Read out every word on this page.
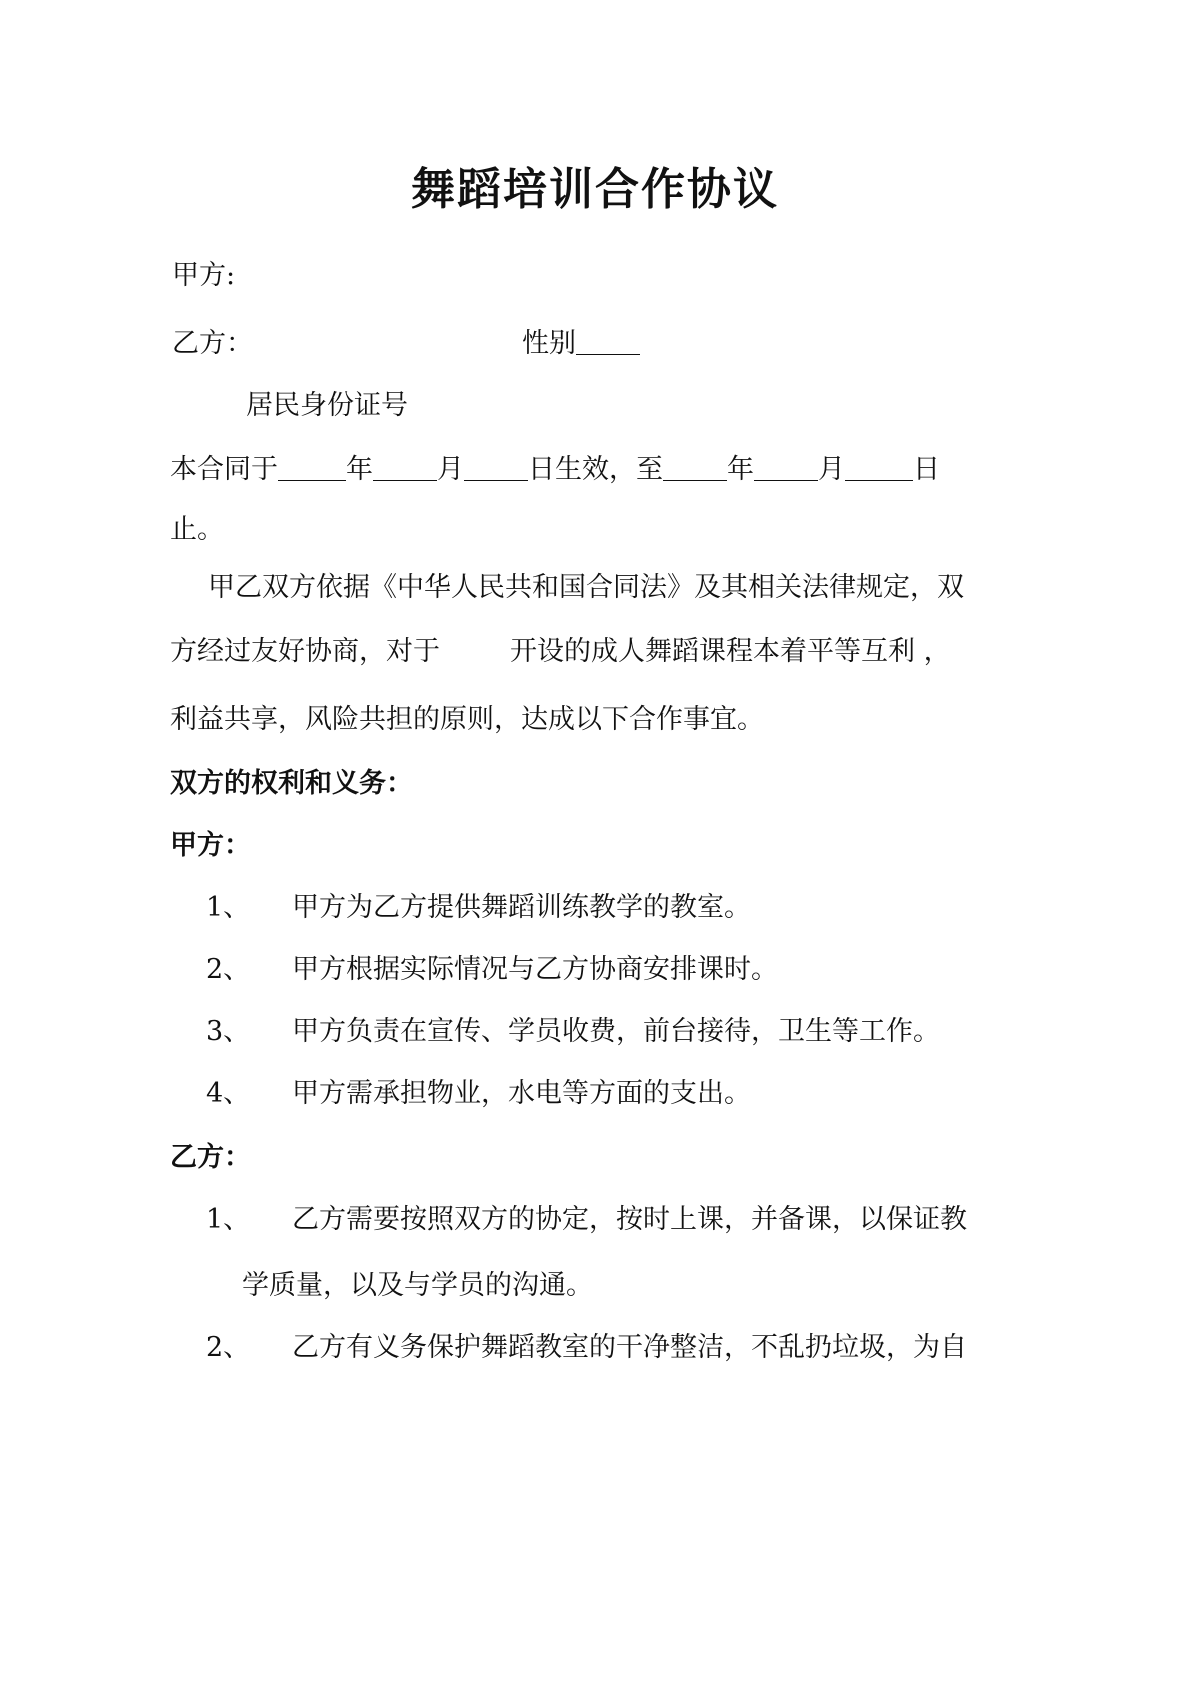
舞蹈培训合作协议
甲方:
乙方：	性别
居民身份证号
本合同于	年 月 日生效，至 年 月	日
止。
甲乙双方依据《中华人民共和国合同法》及其相关法律规定，双
方经过友好协商，对于	开设的成人舞蹈课程本着平等互利 ，
利益共享，风险共担的原则，达成以下合作事宜。
双方的权利和义务：
甲方：
1、 甲方为乙方提供舞蹈训练教学的教室。
2、 甲方根据实际情况与乙方协商安排课时。
3、 甲方负责在宣传、学员收费，前台接待，卫生等工作。
4、 甲方需承担物业，水电等方面的支出。
乙方：
1、 乙方需要按照双方的协定，按时上课，并备课，以保证教
学质量，以及与学员的沟通。
2、 乙方有义务保护舞蹈教室的干净整洁，不乱扔垃圾，为自
